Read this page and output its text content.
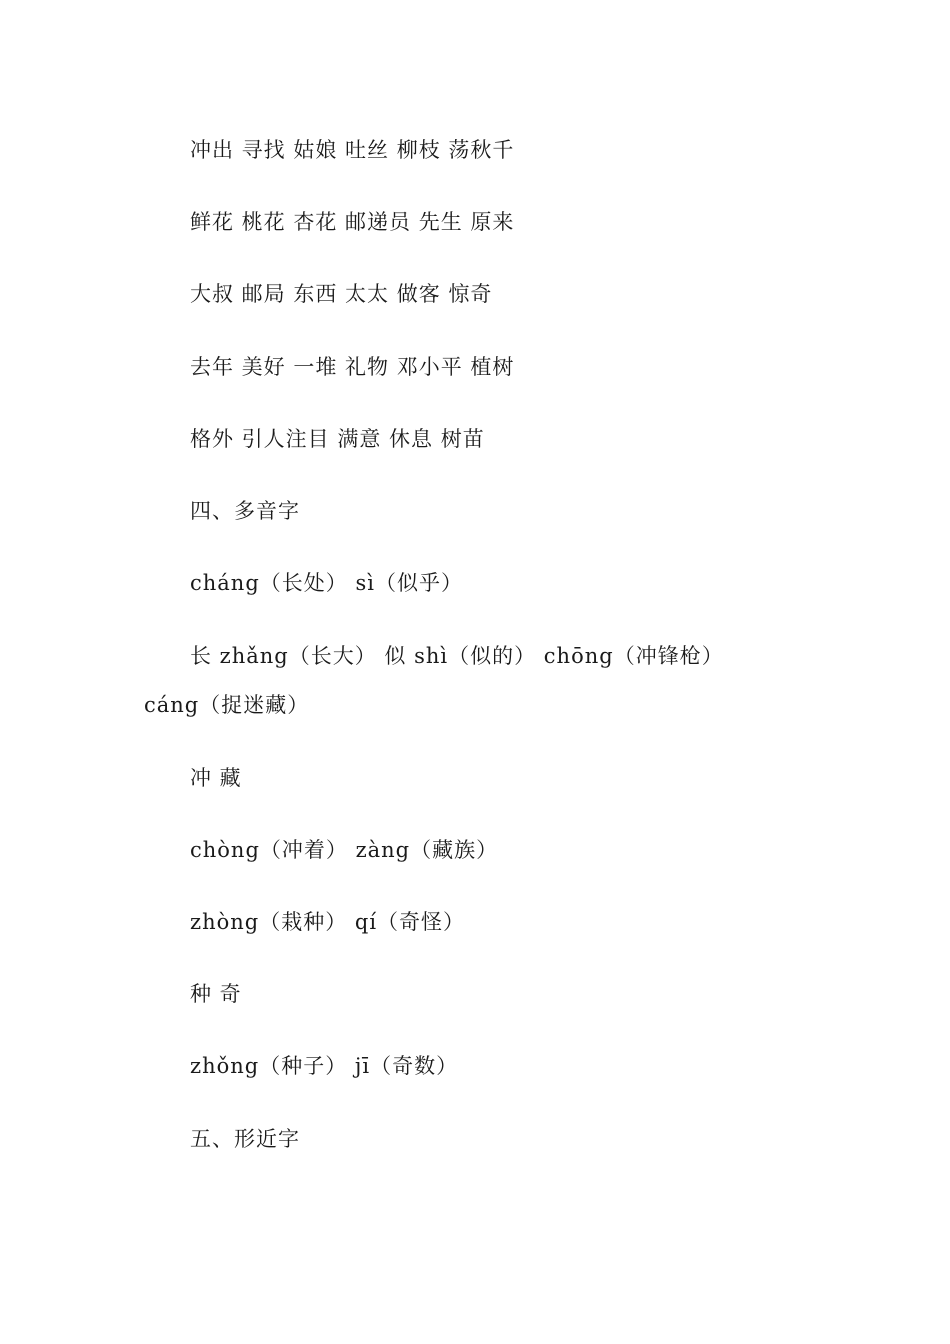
冲出 寻找 姑娘 吐丝 柳枝 荡秋千
鲜花 桃花 杏花 邮递员 先生 原来
大叔 邮局 东西 太太 做客 惊奇
去年 美好 一堆 礼物 邓小平 植树
格外 引人注目 满意 休息 树苗
四、多音字
cháng（长处） sì（似乎）
长 zhǎng（长大） 似 shì（似的） chōng（冲锋枪）
cáng（捉迷藏）
冲 藏
chòng（冲着） zàng（藏族）
zhòng（栽种） qí（奇怪）
种 奇
zhǒng（种子） jī（奇数）
五、形近字
